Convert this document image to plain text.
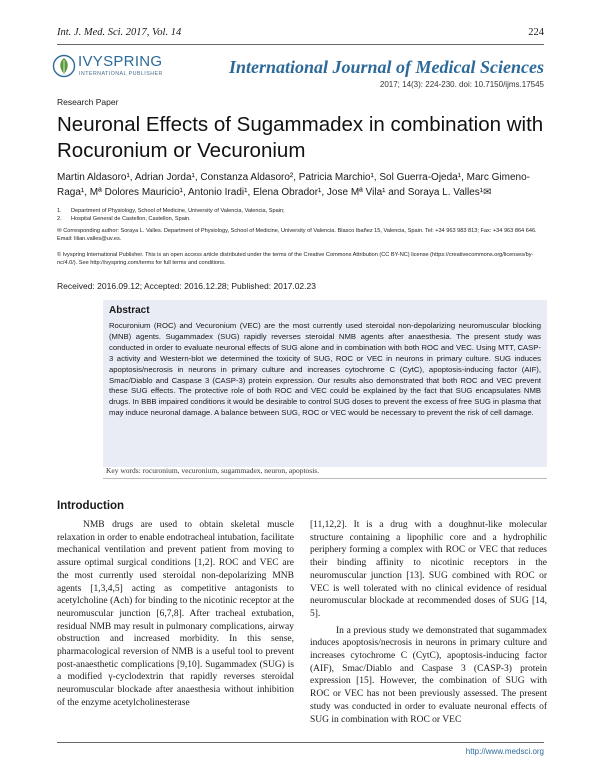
Int. J. Med. Sci. 2017, Vol. 14	224
IVYSPRING
INTERNATIONAL PUBLISHER	International Journal of Medical Sciences
2017; 14(3): 224-230. doi: 10.7150/ijms.17545
Research Paper
Neuronal Effects of Sugammadex in combination with Rocuronium or Vecuronium
Martin Aldasoro¹, Adrian Jorda¹, Constanza Aldasoro², Patricia Marchio¹, Sol Guerra-Ojeda¹, Marc Gimeno-Raga¹, Mª Dolores Mauricio¹, Antonio Iradi¹, Elena Obrador¹, Jose Mª Vila¹ and Soraya L. Valles¹✉
1. Department of Physiology, School of Medicine, University of Valencia, Valencia, Spain;
2. Hospital General de Castellon, Castellon, Spain.
✉ Corresponding author: Soraya L. Valles. Department of Physiology, School of Medicine, University of Valencia. Blasco Ibañez 15, Valencia, Spain. Tel: +34 963 983 813; Fax: +34 963 864 646. Email: lilian.valles@uv.es.
© Ivyspring International Publisher. This is an open access article distributed under the terms of the Creative Commons Attribution (CC BY-NC) license (https://creativecommons.org/licenses/by-nc/4.0/). See http://ivyspring.com/terms for full terms and conditions.
Received: 2016.09.12; Accepted: 2016.12.28; Published: 2017.02.23
Abstract
Rocuronium (ROC) and Vecuronium (VEC) are the most currently used steroidal non-depolarizing neuromuscular blocking (MNB) agents. Sugammadex (SUG) rapidly reverses steroidal NMB agents after anaesthesia. The present study was conducted in order to evaluate neuronal effects of SUG alone and in combination with both ROC and VEC. Using MTT, CASP-3 activity and Western-blot we determined the toxicity of SUG, ROC or VEC in neurons in primary culture. SUG induces apoptosis/necrosis in neurons in primary culture and increases cytochrome C (CytC), apoptosis-inducing factor (AIF), Smac/Diablo and Caspase 3 (CASP-3) protein expression. Our results also demonstrated that both ROC and VEC prevent these SUG effects. The protective role of both ROC and VEC could be explained by the fact that SUG encapsulates NMB drugs. In BBB impaired conditions it would be desirable to control SUG doses to prevent the excess of free SUG in plasma that may induce neuronal damage. A balance between SUG, ROC or VEC would be necessary to prevent the risk of cell damage.
Key words: rocuronium, vecuronium, sugammadex, neuron, apoptosis.
Introduction

NMB drugs are used to obtain skeletal muscle relaxation in order to enable endotracheal intubation, facilitate mechanical ventilation and prevent patient from moving to assure optimal surgical conditions [1,2]. ROC and VEC are the most currently used steroidal non-depolarizing MNB agents [1,3,4,5] acting as competitive antagonists to acetylcholine (Ach) for binding to the nicotinic receptor at the neuromuscular junction [6,7,8]. After tracheal extubation, residual NMB may result in pulmonary complications, airway obstruction and increased morbidity. In this sense, pharmacological reversion of NMB is a useful tool to prevent post-anaesthetic complications [9,10]. Sugammadex (SUG) is a modified γ-cyclodextrin that rapidly reverses steroidal neuromuscular blockade after anaesthesia without inhibition of the enzyme acetylcholinesterase

[11,12,2]. It is a drug with a doughnut-like molecular structure containing a lipophilic core and a hydrophilic periphery forming a complex with ROC or VEC that reduces their binding affinity to nicotinic receptors in the neuromuscular junction [13]. SUG combined with ROC or VEC is well tolerated with no clinical evidence of residual neuromuscular blockade at recommended doses of SUG [14, 5].

In a previous study we demonstrated that sugammadex induces apoptosis/necrosis in neurons in primary culture and increases cytochrome C (CytC), apoptosis-inducing factor (AIF), Smac/Diablo and Caspase 3 (CASP-3) protein expression [15]. However, the combination of SUG with ROC or VEC has not been previously assessed. The present study was conducted in order to evaluate neuronal effects of SUG in combination with ROC or VEC

http://www.medsci.org
